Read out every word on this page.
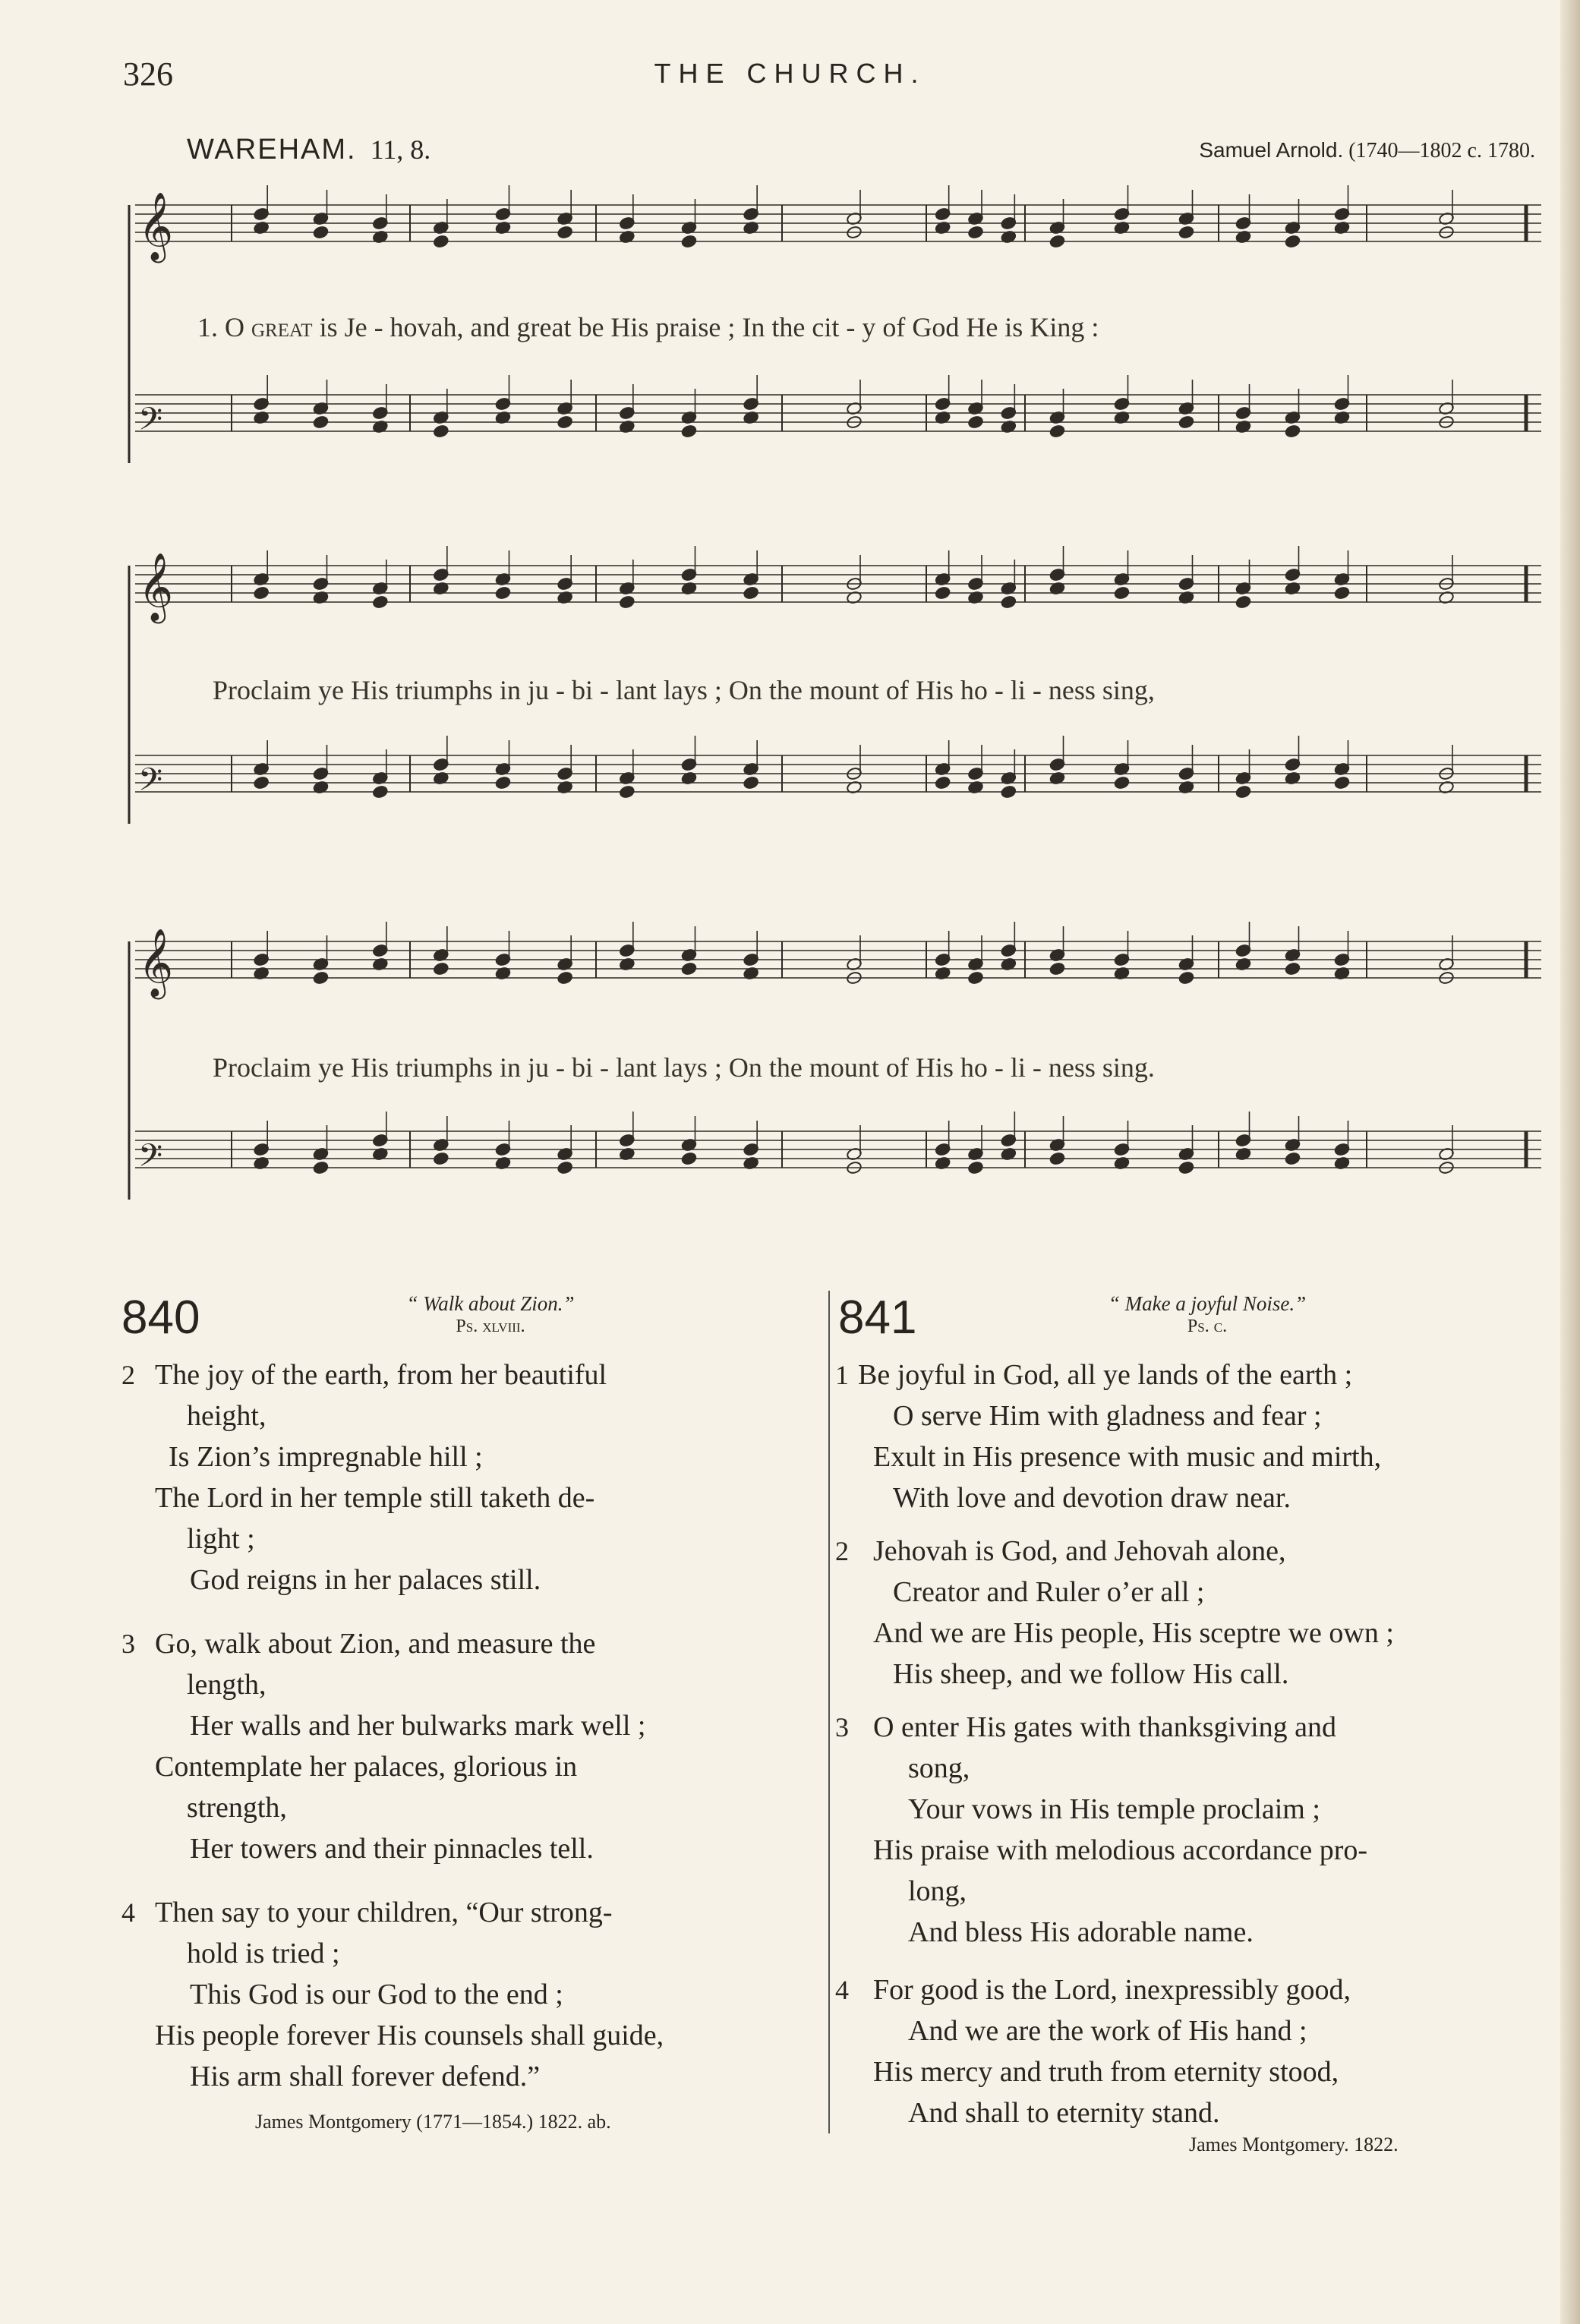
326	THE CHURCH.
WAREHAM. 11, 8.	Samuel Arnold. (1740—1802 c. 1780.
𝄞
𝄢
𝄞
𝄢
𝄞
𝄢
1. O great is Je - hovah, and great be His praise ; In the cit - y of God He is King :
Proclaim ye His triumphs in ju - bi - lant lays ; On the mount of His ho - li - ness sing,
Proclaim ye His triumphs in ju - bi - lant lays ; On the mount of His ho - li - ness sing.
840	“ Walk about Zion.”
Ps. xlviii.
2 The joy of the earth, from her beautiful
height,
Is Zion’s impregnable hill ;
The Lord in her temple still taketh de-
light ;
God reigns in her palaces still.
3 Go, walk about Zion, and measure the
length,
Her walls and her bulwarks mark well ;
Contemplate her palaces, glorious in
strength,
Her towers and their pinnacles tell.
4 Then say to your children, “Our strong-
hold is tried ;
This God is our God to the end ;
His people forever His counsels shall guide,
His arm shall forever defend.”
James Montgomery (1771—1854.) 1822. ab.
841	“ Make a joyful Noise.”
Ps. c.
1 Be joyful in God, all ye lands of the earth ;
O serve Him with gladness and fear ;
Exult in His presence with music and mirth,
With love and devotion draw near.
2 Jehovah is God, and Jehovah alone,
Creator and Ruler o’er all ;
And we are His people, His sceptre we own ;
His sheep, and we follow His call.
3 O enter His gates with thanksgiving and
song,
Your vows in His temple proclaim ;
His praise with melodious accordance pro-
long,
And bless His adorable name.
4 For good is the Lord, inexpressibly good,
And we are the work of His hand ;
His mercy and truth from eternity stood,
And shall to eternity stand.
James Montgomery. 1822.
